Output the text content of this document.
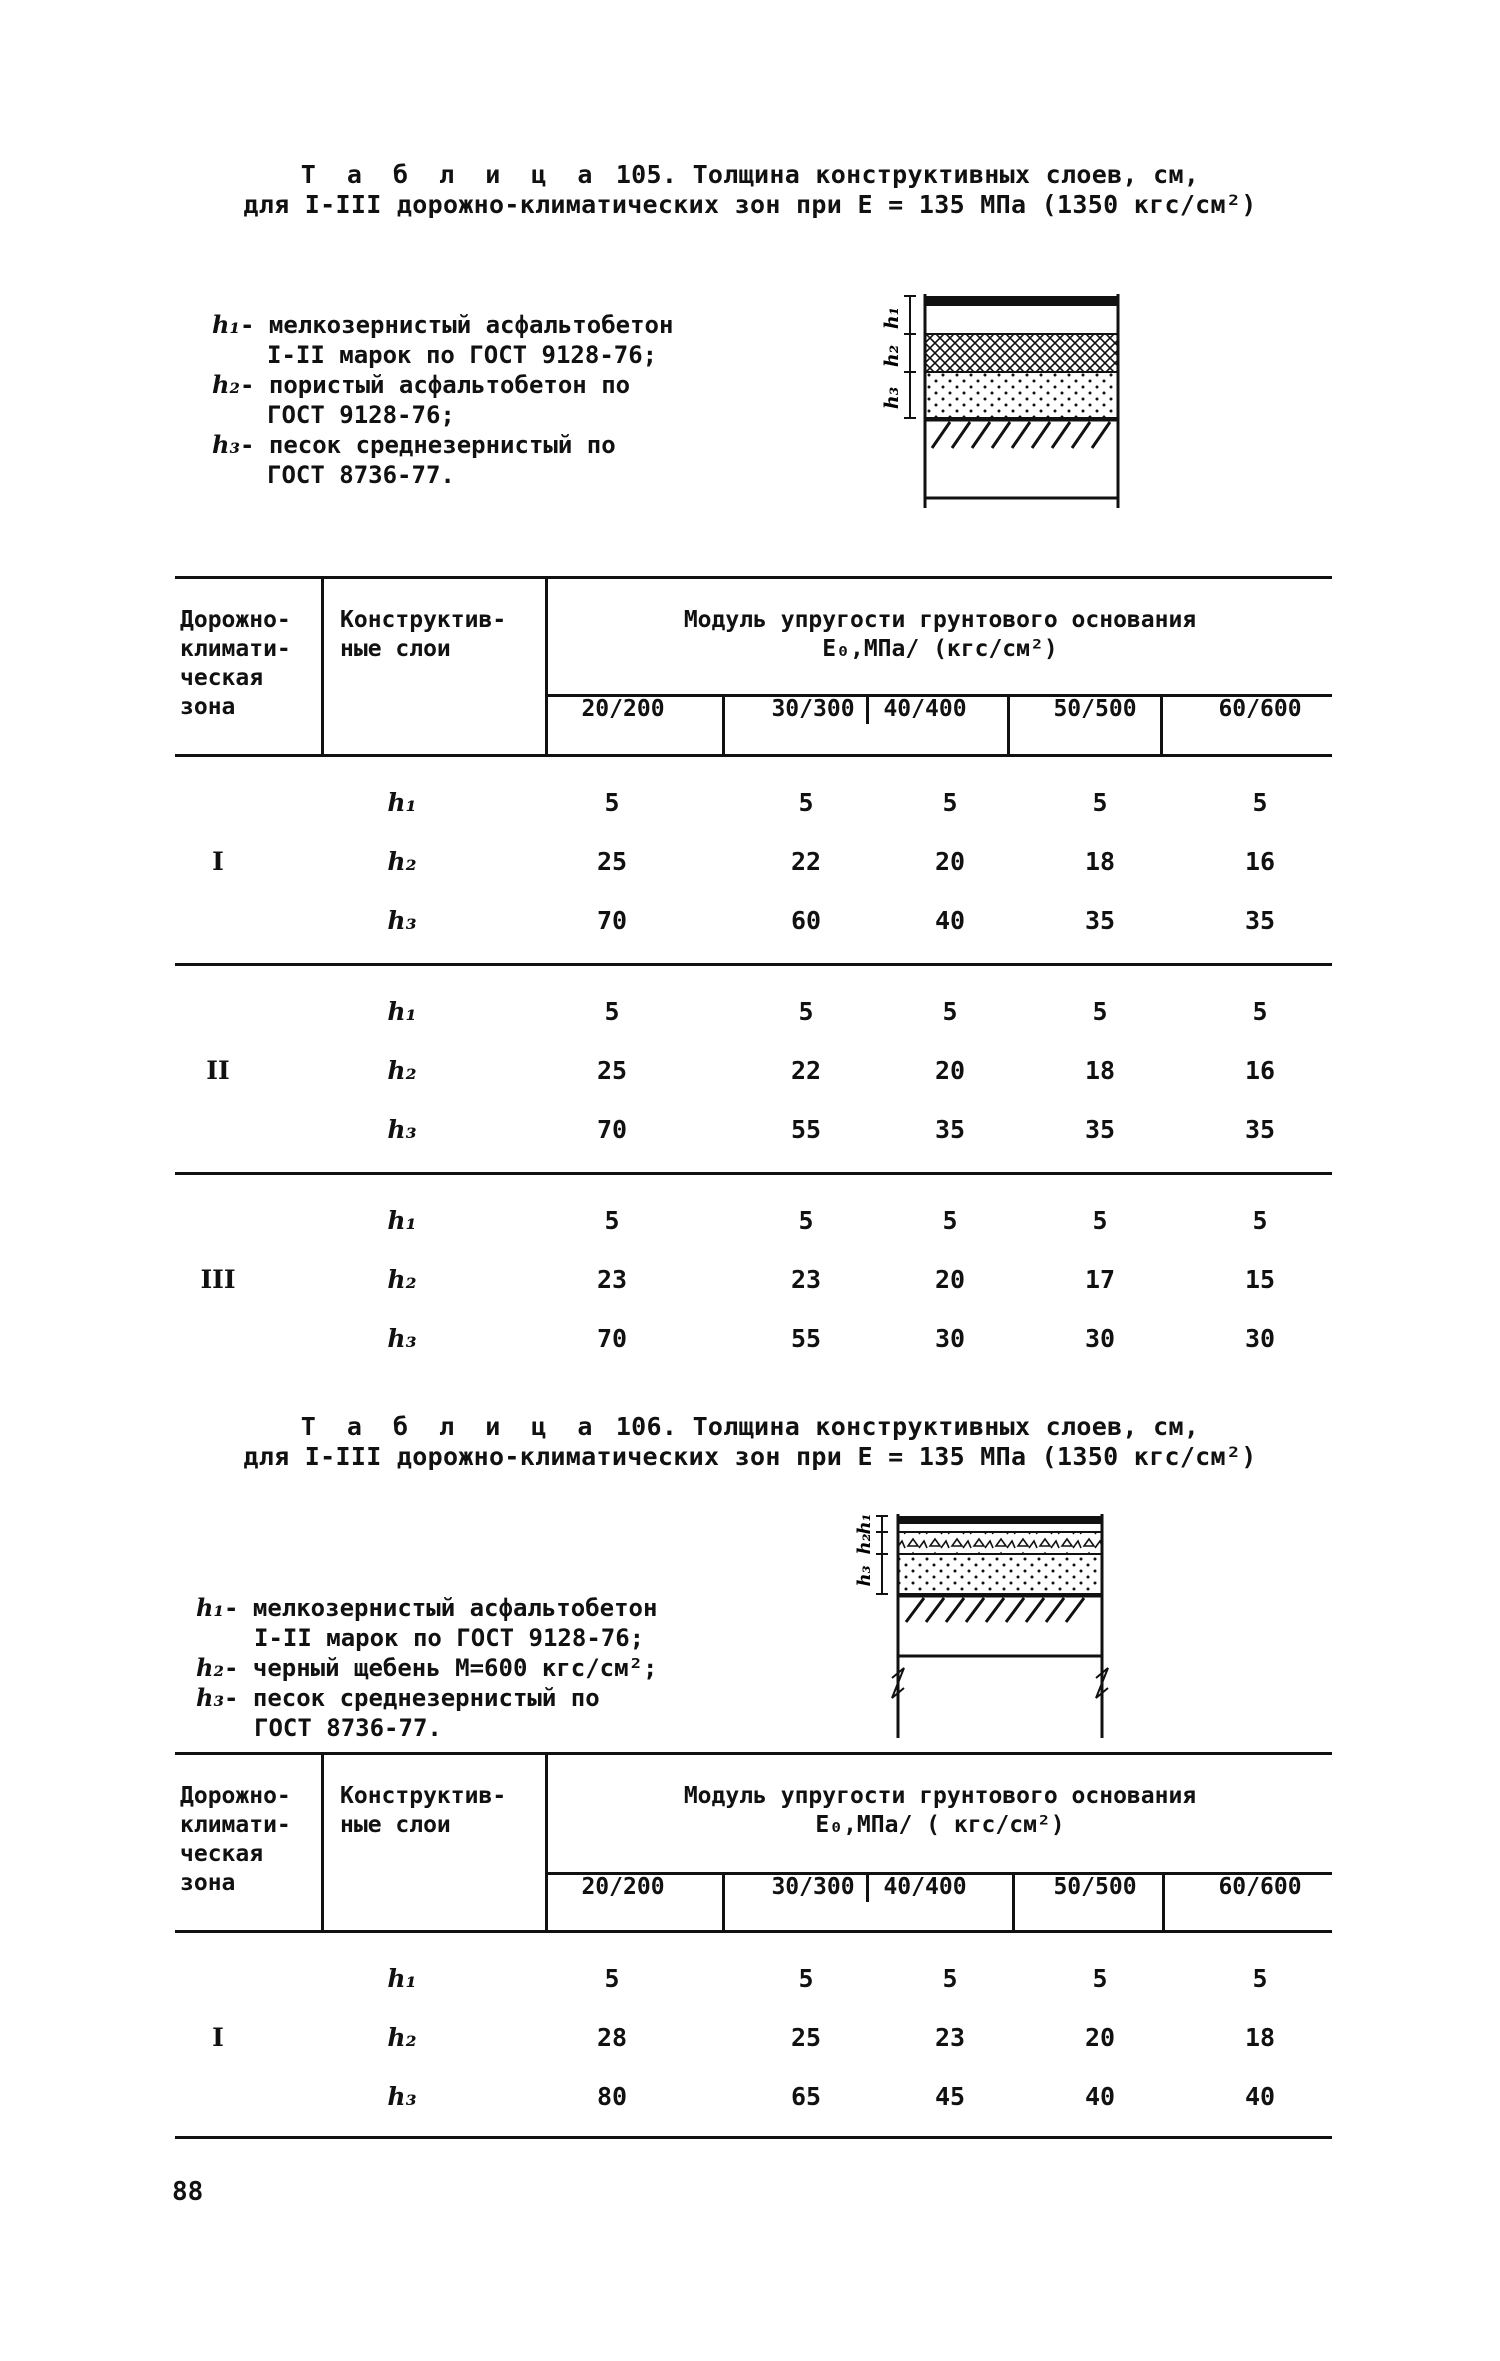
Т а б л и ц а 105. Толщина конструктивных слоев, см,
для I-III дорожно-климатических зон при E = 135 МПа (1350 кгс/см²)
h₁- мелкозернистый асфальтобетон
I-II марок по ГОСТ 9128-76;
h₂- пористый асфальтобетон по
ГОСТ 9128-76;
h₃- песок среднезернистый по
ГОСТ 8736-77.
h₁
h₂
h₃
Дорожно-
климати-
ческая
зона
Конструктив-
ные слои
Модуль упругости грунтового основания
E₀,МПа/ (кгс/см²)
20/200	30/300	40/400	50/500	60/600
I
h₁	5	5	5	5	5
h₂	25	22	20	18	16
h₃	70	60	40	35	35
II
h₁	5	5	5	5	5
h₂	25	22	20	18	16
h₃	70	55	35	35	35
III
h₁	5	5	5	5	5
h₂	23	23	20	17	15
h₃	70	55	30	30	30
Т а б л и ц а 106. Толщина конструктивных слоев, см,
для I-III дорожно-климатических зон при E = 135 МПа (1350 кгс/см²)
h₁- мелкозернистый асфальтобетон
I-II марок по ГОСТ 9128-76;
h₂- черный щебень М=600 кгс/см²;
h₃- песок среднезернистый по
ГОСТ 8736-77.
h₁
h₂
h₃
Дорожно-
климати-
ческая
зона
Конструктив-
ные слои
Модуль упругости грунтового основания
E₀,МПа/ ( кгс/см²)
20/200	30/300	40/400	50/500	60/600
I
h₁	5	5	5	5	5
h₂	28	25	23	20	18
h₃	80	65	45	40	40
88
